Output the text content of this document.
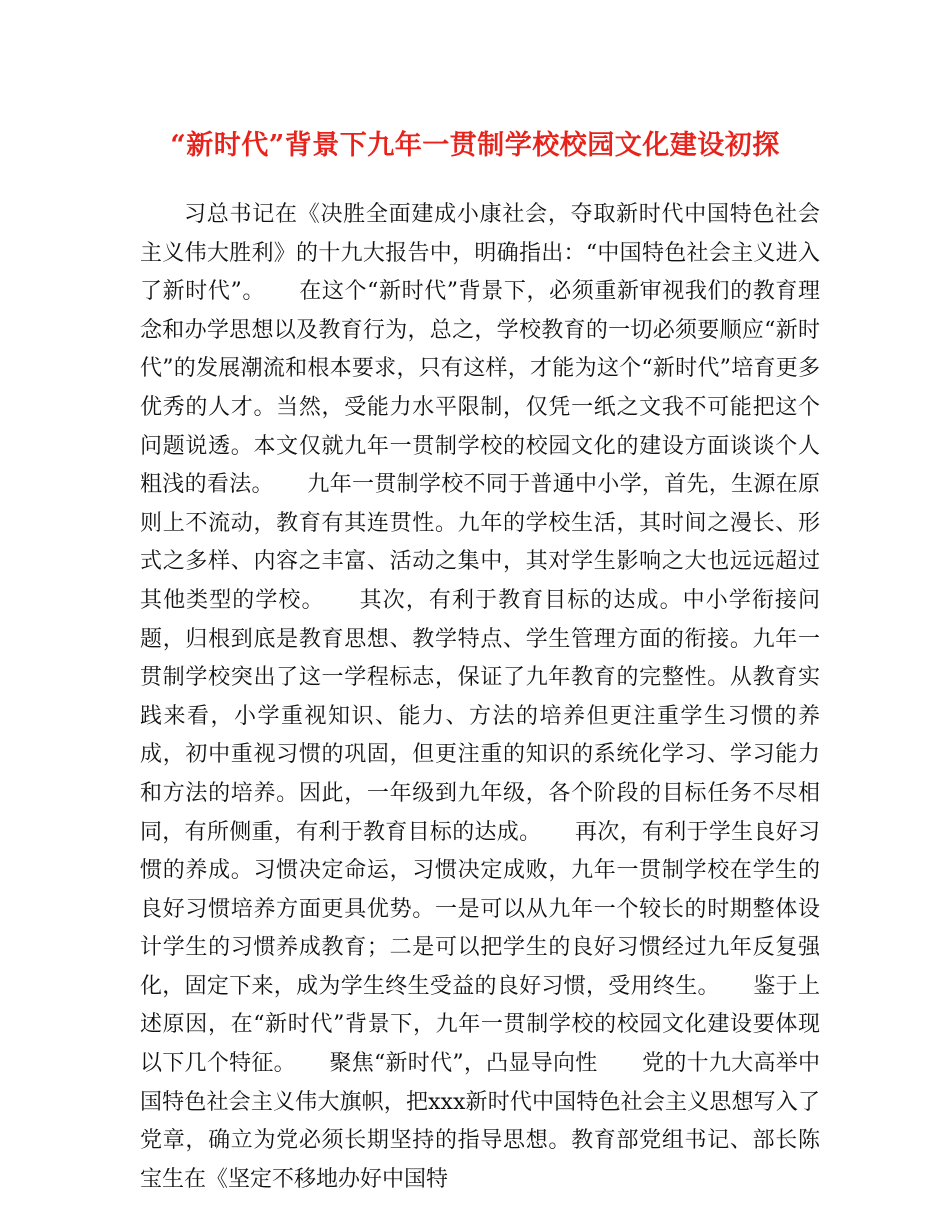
“新时代”背景下九年一贯制学校校园文化建设初探

习总书记在《决胜全面建成小康社会，夺取新时代中国特色社会主义伟大胜利》的十九大报告中，明确指出：“中国特色社会主义进入了新时代”。　　在这个“新时代”背景下，必须重新审视我们的教育理念和办学思想以及教育行为，总之，学校教育的一切必须要顺应“新时代”的发展潮流和根本要求，只有这样，才能为这个“新时代”培育更多优秀的人才。当然，受能力水平限制，仅凭一纸之文我不可能把这个问题说透。本文仅就九年一贯制学校的校园文化的建设方面谈谈个人粗浅的看法。　　九年一贯制学校不同于普通中小学，首先，生源在原则上不流动，教育有其连贯性。九年的学校生活，其时间之漫长、形式之多样、内容之丰富、活动之集中，其对学生影响之大也远远超过其他类型的学校。　　其次，有利于教育目标的达成。中小学衔接问题，归根到底是教育思想、教学特点、学生管理方面的衔接。九年一贯制学校突出了这一学程标志，保证了九年教育的完整性。从教育实践来看，小学重视知识、能力、方法的培养但更注重学生习惯的养成，初中重视习惯的巩固，但更注重的知识的系统化学习、学习能力和方法的培养。因此，一年级到九年级，各个阶段的目标任务不尽相同，有所侧重，有利于教育目标的达成。　　再次，有利于学生良好习惯的养成。习惯决定命运，习惯决定成败，九年一贯制学校在学生的良好习惯培养方面更具优势。一是可以从九年一个较长的时期整体设计学生的习惯养成教育；二是可以把学生的良好习惯经过九年反复强化，固定下来，成为学生终生受益的良好习惯，受用终生。　　鉴于上述原因，在“新时代”背景下，九年一贯制学校的校园文化建设要体现以下几个特征。　　聚焦“新时代”，凸显导向性　　党的十九大高举中国特色社会主义伟大旗帜，把xxx新时代中国特色社会主义思想写入了党章，确立为党必须长期坚持的指导思想。教育部党组书记、部长陈宝生在《坚定不移地办好中国特
